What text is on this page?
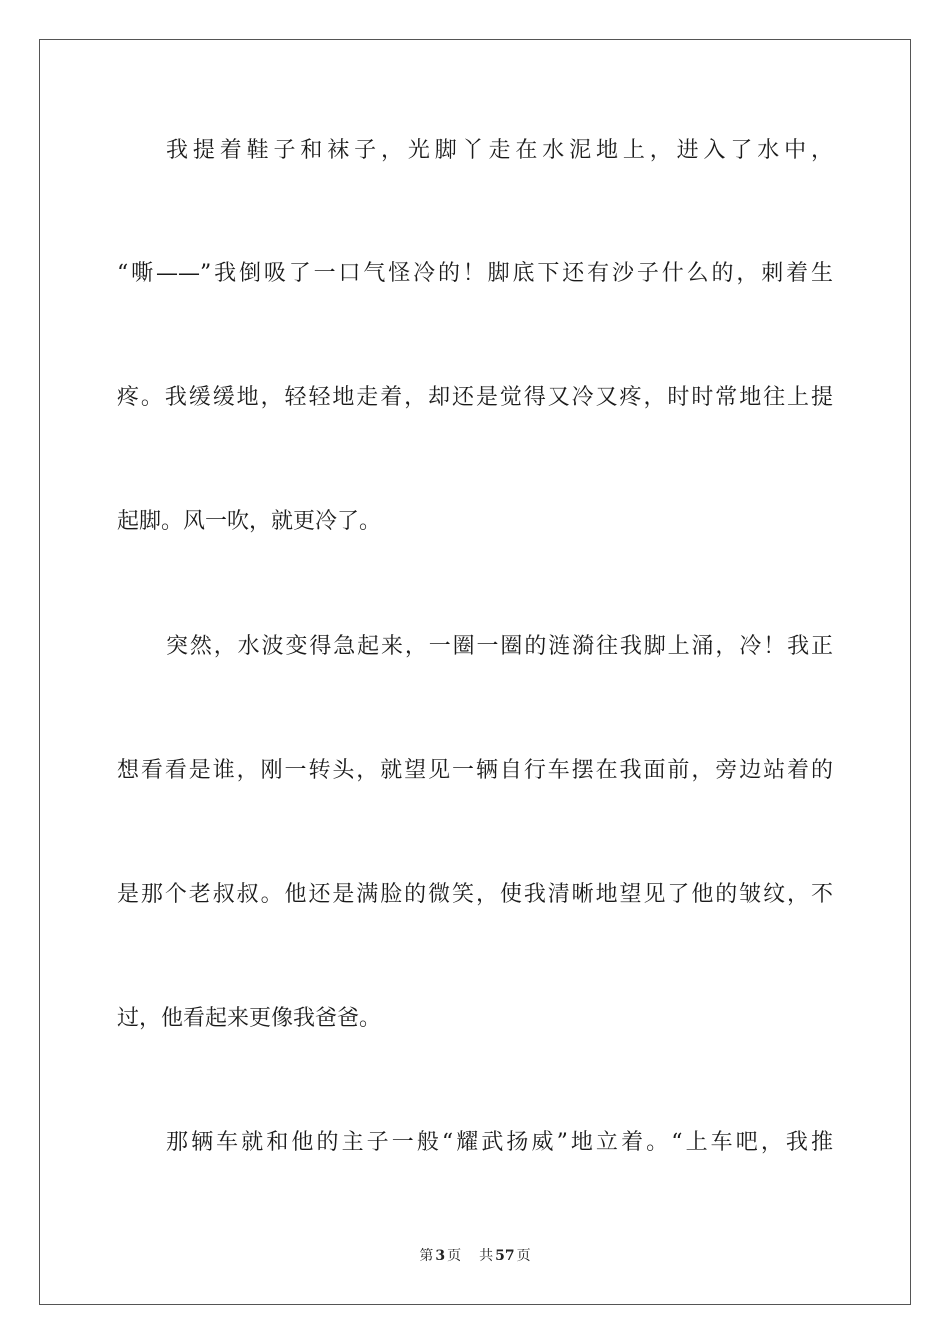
我提着鞋子和袜子，光脚丫走在水泥地上，进入了水中，
“嘶——”我倒吸了一口气怪冷的！脚底下还有沙子什么的，刺着生
疼。我缓缓地，轻轻地走着，却还是觉得又冷又疼，时时常地往上提
起脚。风一吹，就更冷了。
突然，水波变得急起来，一圈一圈的涟漪往我脚上涌，冷！我正
想看看是谁，刚一转头，就望见一辆自行车摆在我面前，旁边站着的
是那个老叔叔。他还是满脸的微笑，使我清晰地望见了他的皱纹，不
过，他看起来更像我爸爸。
那辆车就和他的主子一般“耀武扬威”地立着。“上车吧，我推
第 3 页 共 57 页
